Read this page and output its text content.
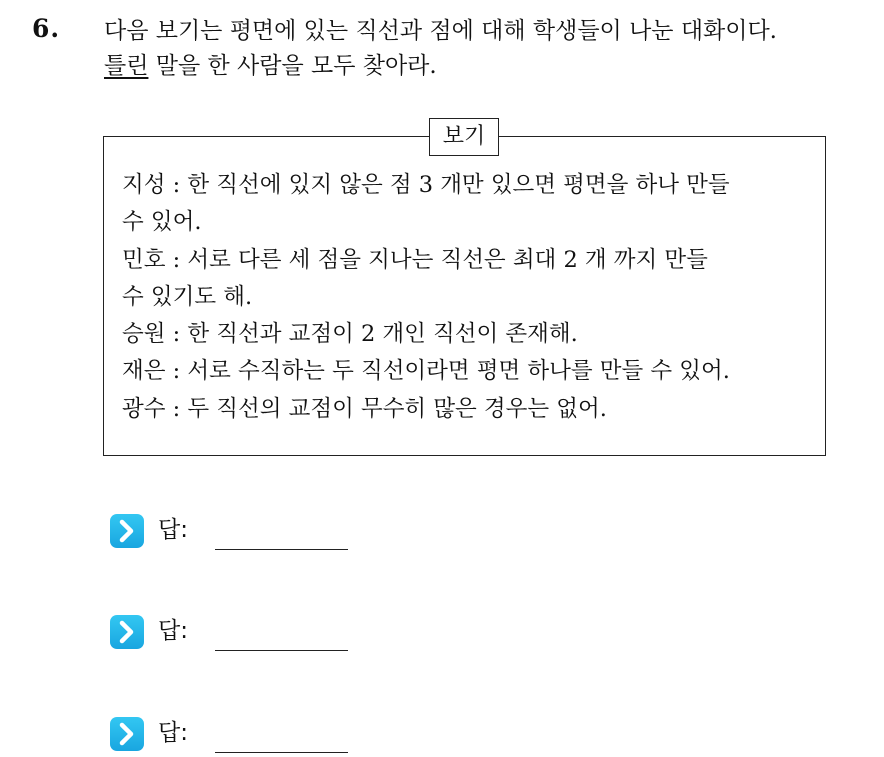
6. 다음 보기는 평면에 있는 직선과 점에 대해 학생들이 나눈 대화이다.
틀린 말을 한 사람을 모두 찾아라.
보기
지성 : 한 직선에 있지 않은 점 3 개만 있으면 평면을 하나 만들
수 있어.
민호 : 서로 다른 세 점을 지나는 직선은 최대 2 개 까지 만들
수 있기도 해.
승원 : 한 직선과 교점이 2 개인 직선이 존재해.
재은 : 서로 수직하는 두 직선이라면 평면 하나를 만들 수 있어.
광수 : 두 직선의 교점이 무수히 많은 경우는 없어.
답:
답:
답:
